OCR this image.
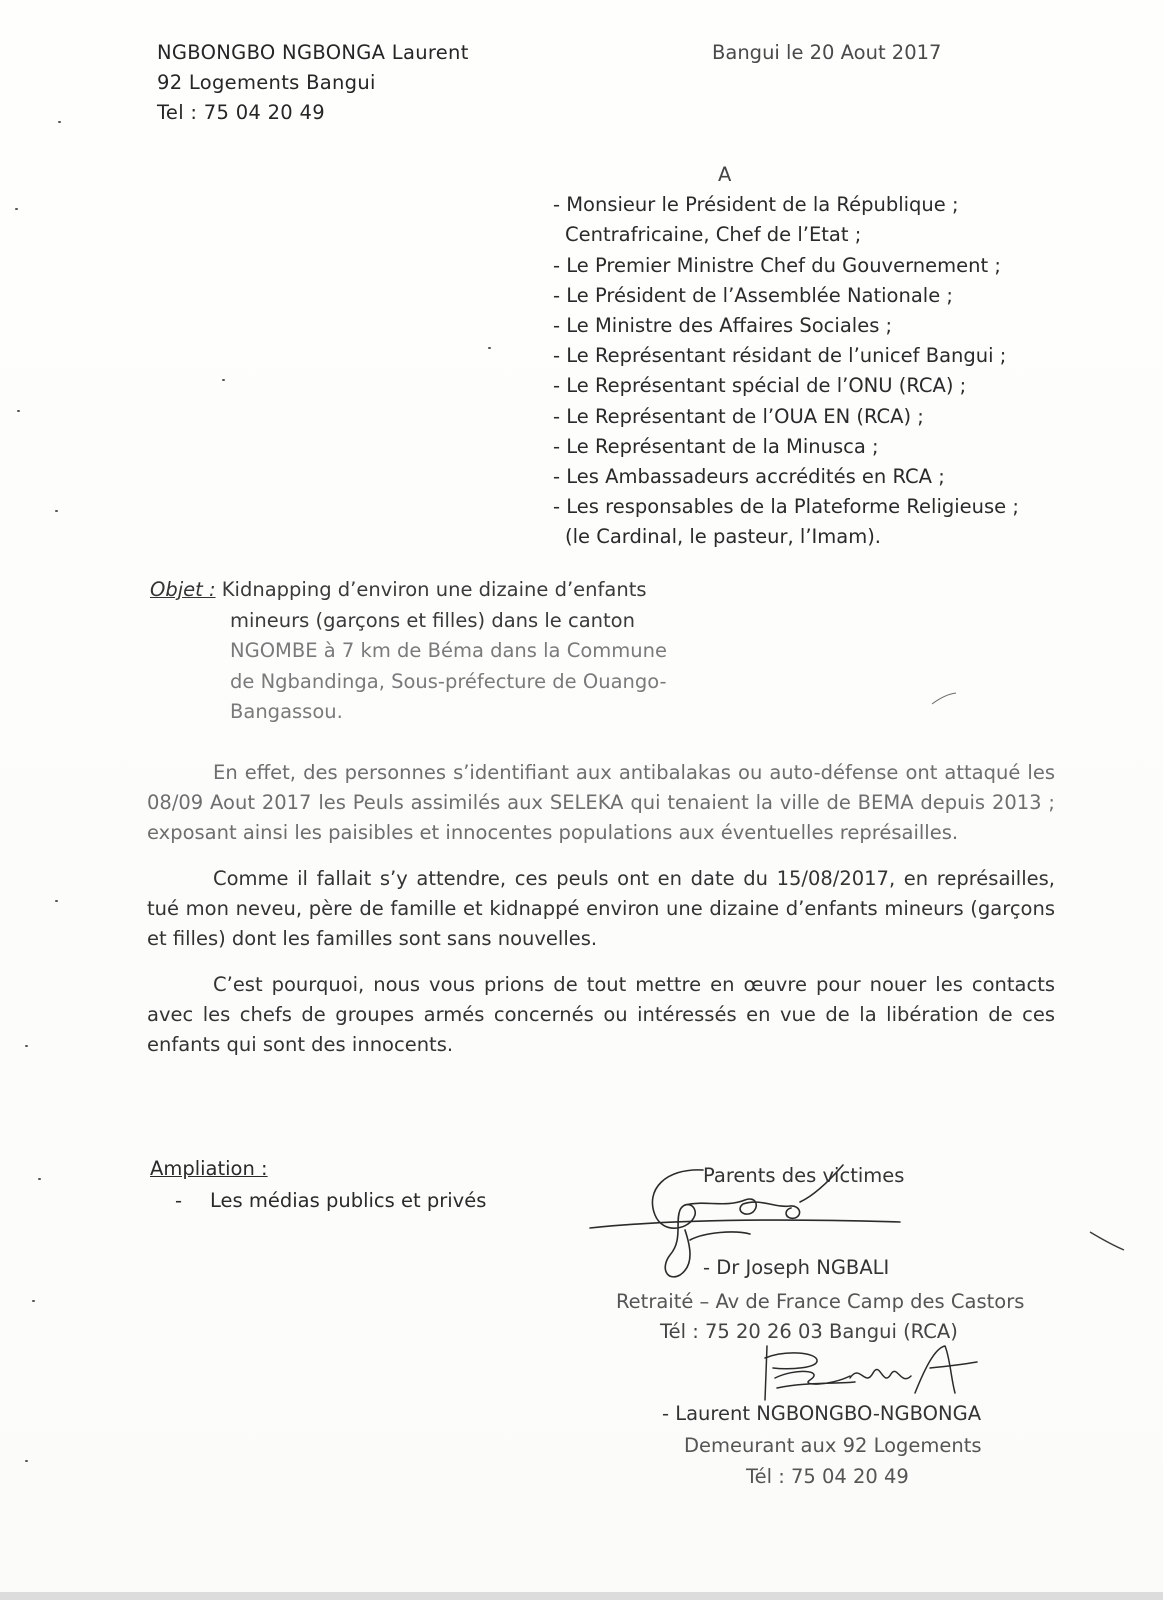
NGBONGBO NGBONGA Laurent
92 Logements Bangui
Tel : 75 04 20 49
Bangui le 20 Aout 2017
A
- Monsieur le Président de la République ;
Centrafricaine, Chef de l’Etat ;
- Le Premier Ministre Chef du Gouvernement ;
- Le Président de l’Assemblée Nationale ;
- Le Ministre des Affaires Sociales ;
- Le Représentant résidant de l’unicef Bangui ;
- Le Représentant spécial de l’ONU (RCA) ;
- Le Représentant de l’OUA EN (RCA) ;
- Le Représentant de la Minusca ;
- Les Ambassadeurs accrédités en RCA ;
- Les responsables de la Plateforme Religieuse ;
(le Cardinal, le pasteur, l’Imam).
Objet : Kidnapping d’environ une dizaine d’enfants
mineurs (garçons et filles) dans le canton
NGOMBE à 7 km de Béma dans la Commune
de Ngbandinga, Sous-préfecture de Ouango-
Bangassou.

En effet, des personnes s’identifiant aux antibalakas ou auto-défense ont attaqué les 08/09 Aout 2017 les Peuls assimilés aux SELEKA qui tenaient la ville de BEMA depuis 2013 ; exposant ainsi les paisibles et innocentes populations aux éventuelles représailles.

Comme il fallait s’y attendre, ces peuls ont en date du 15/08/2017, en représailles, tué mon neveu, père de famille et kidnappé environ une dizaine d’enfants mineurs (garçons et filles) dont les familles sont sans nouvelles.

C’est pourquoi, nous vous prions de tout mettre en œuvre pour nouer les contacts avec les chefs de groupes armés concernés ou intéressés en vue de la libération de ces enfants qui sont des innocents.

Ampliation :
- Les médias publics et privés
Parents des victimes
- Dr Joseph NGBALI
Retraité – Av de France Camp des Castors
Tél : 75 20 26 03 Bangui (RCA)
- Laurent NGBONGBO-NGBONGA
Demeurant aux 92 Logements
Tél : 75 04 20 49
